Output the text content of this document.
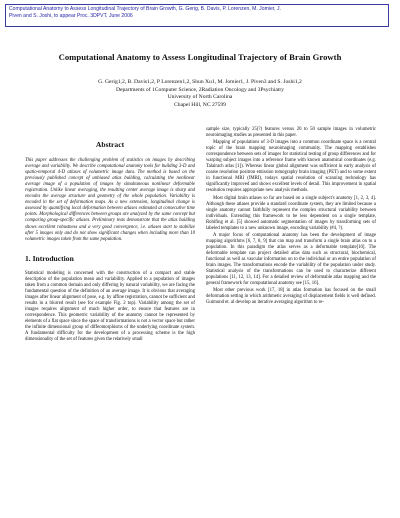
Computational Anatomy to Assess Longitudinal Trajectory of Brain Growth, G. Gerig, B. Davis, P. Lorenzen, M. Jomier, J.
Piven and S. Joshi, to appear Proc. 3DPVT, June 2006
Computational Anatomy to Assess Longitudinal Trajectory of Brain Growth
G. Gerig1,2, B. Davis1,2, P Lorenzen1,2, Shun Xu1, M. Jomier1, J. Piven3 and S. Joshi1,2
Departments of 1Computer Science, 2Radiation Oncology and 3Psychiatry
University of North Carolina
Chapel Hill, NC 27599
Abstract

This paper addresses the challenging problem of statistics on images by describing average and variability. We describe computational anatomy tools for building 3-D and spatio-temporal 4-D atlases of volumetric image data. The method is based on the previously published concept of unbiased atlas building, calculating the nonlinear average image of a population of images by simultaneous nonlinear deformable registration. Unlike linear averaging, the resulting center average image is sharp and encodes the average structure and geometry of the whole population. Variability is encoded in the set of deformation maps. As a new extension, longitudinal change is assessed by quantifying local deformation between atlases estimated at consecutive time points. Morphological differences between groups are analyzed by the same concept but comparing group-specific atlases. Preliminary tests demonstrate that the atlas building shows excellent robustness and a very good convergence, i.e. atlases start to stabilize after 5 images only and do not show significant changes when including more than 10 volumetric images taken from the same population.

1. Introduction

Statistical modeling is concerned with the construction of a compact and stable description of the population mean and variability. Applied to a population of images taken from a common domain and only differing by natural variability, we are facing the fundamental question of the definition of an average image. It is obvious that averaging images after linear alignment of pose, e.g. by affine registration, cannot be sufficient and results in a blurred result (see for example Fig. 2 top). Variability among the set of images requires alignment of much higher order, to ensure that features are in correspondence. This geometric variability of the anatomy cannot be represented by elements of a flat space since the space of transformations is not a vector space but rather the infinite dimensional group of diffeomorphisms of the underlying coordinate system. A fundamental difficulty for the development of a processing scheme is the high dimensionality of the set of features given the relatively small

sample size, typically 25(?) features versus 20 to 50 sample images in volumetric neuroimaging studies as presented in this paper.

Mapping of populations of 3-D images into a common coordinate space is a central topic of the brain mapping neuroimaging community. The mapping establishes correspondence between sets of images for statistical testing of group differences and for warping subject images into a reference frame with known anatomical coordinates (e.g. Talairach atlas [1]). Whereas linear global alignment was sufficient in early analysis of coarse resolution positron emission tomography brain imaging (PET) and to some extent in functional MRI (fMRI), todays spatial resolution of scanning technology has significantly improved and shows excellent levels of detail. This improvement in spatial resolution requires appropriate new analysis methods.

Most digital brain atlases so far are based on a single subject's anatomy [1, 2, 3, 4]. Although these atlases provide a standard coordinate system, they are limited because a single anatomy cannot faithfully represent the complex structural variability between individuals. Extending this framework to be less dependent on a single template, Rohlfing et al. [5] showed automatic segmentation of images by transforming sets of labeled templates to a new unknown image, encoding variability (#4, ?).

A major focus of computational anatomy has been the development of image mapping algorithms [6, 7, 8, 9] that can map and transform a single brain atlas on to a population. In this paradigm the atlas serves as a deformable template[10]. The deformable template can project detailed atlas data such as structural, biochemical, functional as well as vascular information on to the individual or an entire population of brain images. The transformations encode the variability of the population under study. Statistical analysis of the transformations can be used to characterize different populations [11, 12, 13, 14]. For a detailed review of deformable atlas mapping and the general framework for computational anatomy see [15, 16].

Most other previous work [17, 18] in atlas formation has focused on the small deformation setting in which arithmetic averaging of displacement fields is well defined. Guimond et. al develop an iterative averaging algorithm to re-
